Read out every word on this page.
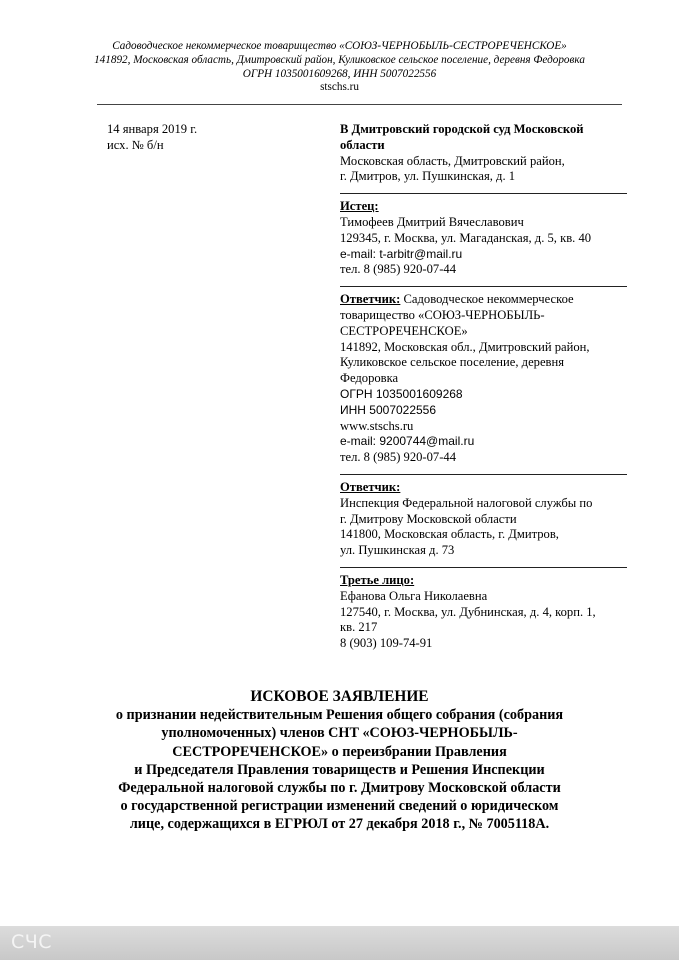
Садоводческое некоммерческое товарищество «СОЮЗ-ЧЕРНОБЫЛЬ-СЕСТРОРЕЧЕНСКОЕ»
141892, Московская область, Дмитровский район, Куликовское сельское поселение, деревня Федоровка
ОГРН 1035001609268, ИНН 5007022556
stschs.ru
14 января 2019 г.
исх. № б/н
В Дмитровский городской суд Московской
области
Московская область, Дмитровский район,
г. Дмитров, ул. Пушкинская, д. 1
Истец:
Тимофеев Дмитрий Вячеславович
129345, г. Москва, ул. Магаданская, д. 5, кв. 40
e-mail: t-arbitr@mail.ru
тел. 8 (985) 920-07-44
Ответчик: Садоводческое некоммерческое
товарищество «СОЮЗ-ЧЕРНОБЫЛЬ-
СЕСТРОРЕЧЕНСКОЕ»
141892, Московская обл., Дмитровский район,
Куликовское сельское поселение, деревня
Федоровка
ОГРН 1035001609268
ИНН 5007022556
www.stschs.ru
e-mail: 9200744@mail.ru
тел. 8 (985) 920-07-44
Ответчик:
Инспекция Федеральной налоговой службы по
г. Дмитрову Московской области
141800, Московская область, г. Дмитров,
ул. Пушкинская д. 73
Третье лицо:
Ефанова Ольга Николаевна
127540, г. Москва, ул. Дубнинская, д. 4, корп. 1,
кв. 217
8 (903) 109-74-91
ИСКОВОЕ ЗАЯВЛЕНИЕ
о признании недействительным Решения общего собрания (собрания
уполномоченных) членов СНТ «СОЮЗ-ЧЕРНОБЫЛЬ-
СЕСТРОРЕЧЕНСКОЕ» о переизбрании Правления
и Председателя Правления товариществ и Решения Инспекции
Федеральной налоговой службы по г. Дмитрову Московской области
о государственной регистрации изменений сведений о юридическом
лице, содержащихся в ЕГРЮЛ от 27 декабря 2018 г., № 7005118А.
СЧС
